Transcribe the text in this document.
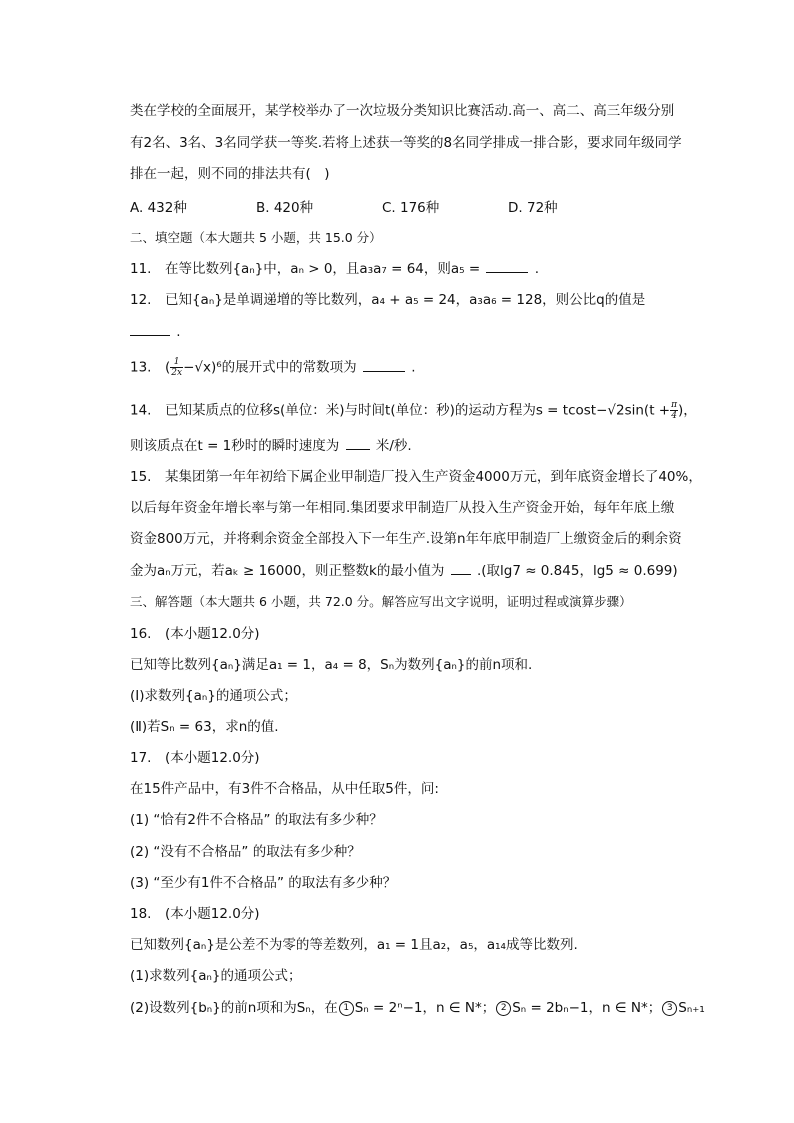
类在学校的全面展开，某学校举办了一次垃圾分类知识比赛活动.高一、高二、高三年级分别
有2名、3名、3名同学获一等奖.若将上述获一等奖的8名同学排成一排合影，要求同年级同学
排在一起，则不同的排法共有(　)
A. 432种	B. 420种	C. 176种	D. 72种
二、填空题（本大题共 5 小题，共 15.0 分）
11.　在等比数列{aₙ}中，aₙ > 0，且a₃a₇ = 64，则a₅ =	.
12.　已知{aₙ}是单调递增的等比数列，a₄ + a₅ = 24，a₃a₆ = 128，则公比q的值是
.
13.　( $\frac{1}{2x} -√x)^6$的展开式中的常数项为	.
14.　已知某质点的位移s(单位：米)与时间t(单位：秒)的运动方程为$s = tcost-√2\sin(t + \frac{\pi}{4}$ )，
则该质点在t = 1秒时的瞬时速度为	米/秒.
15.　某集团第一年年初给下属企业甲制造厂投入生产资金4000万元，到年底资金增长了40%，
以后每年资金年增长率与第一年相同.集团要求甲制造厂从投入生产资金开始，每年年底上缴
资金800万元，并将剩余资金全部投入下一年生产.设第n年年底甲制造厂上缴资金后的剩余资
金为aₙ万元，若aₖ ≥ 16000，则正整数k的最小值为 .(取lg7 ≈ 0.845，lg5 ≈ 0.699)
三、解答题（本大题共 6 小题，共 72.0 分。解答应写出文字说明，证明过程或演算步骤）
16.　(本小题12.0分)
已知等比数列{aₙ}满足a₁ = 1，a₄ = 8，Sₙ为数列{aₙ}的前n项和.
(Ⅰ)求数列{aₙ}的通项公式；
(Ⅱ)若Sₙ = 63，求n的值.
17.　(本小题12.0分)
在15件产品中，有3件不合格品，从中任取5件，问:
(1) “恰有2件不合格品” 的取法有多少种？
(2) “没有不合格品” 的取法有多少种？
(3) “至少有1件不合格品” 的取法有多少种？
18.　(本小题12.0分)
已知数列{aₙ}是公差不为零的等差数列，a₁ = 1且a₂，a₅，a₁₄成等比数列.
(1)求数列{aₙ}的通项公式；
(2)设数列{bₙ}的前n项和为Sₙ，在 1 Sₙ = 2ⁿ−1，n ∈ N*； 2 Sₙ = 2bₙ−1，n ∈ N*； 3 Sₙ₊₁
